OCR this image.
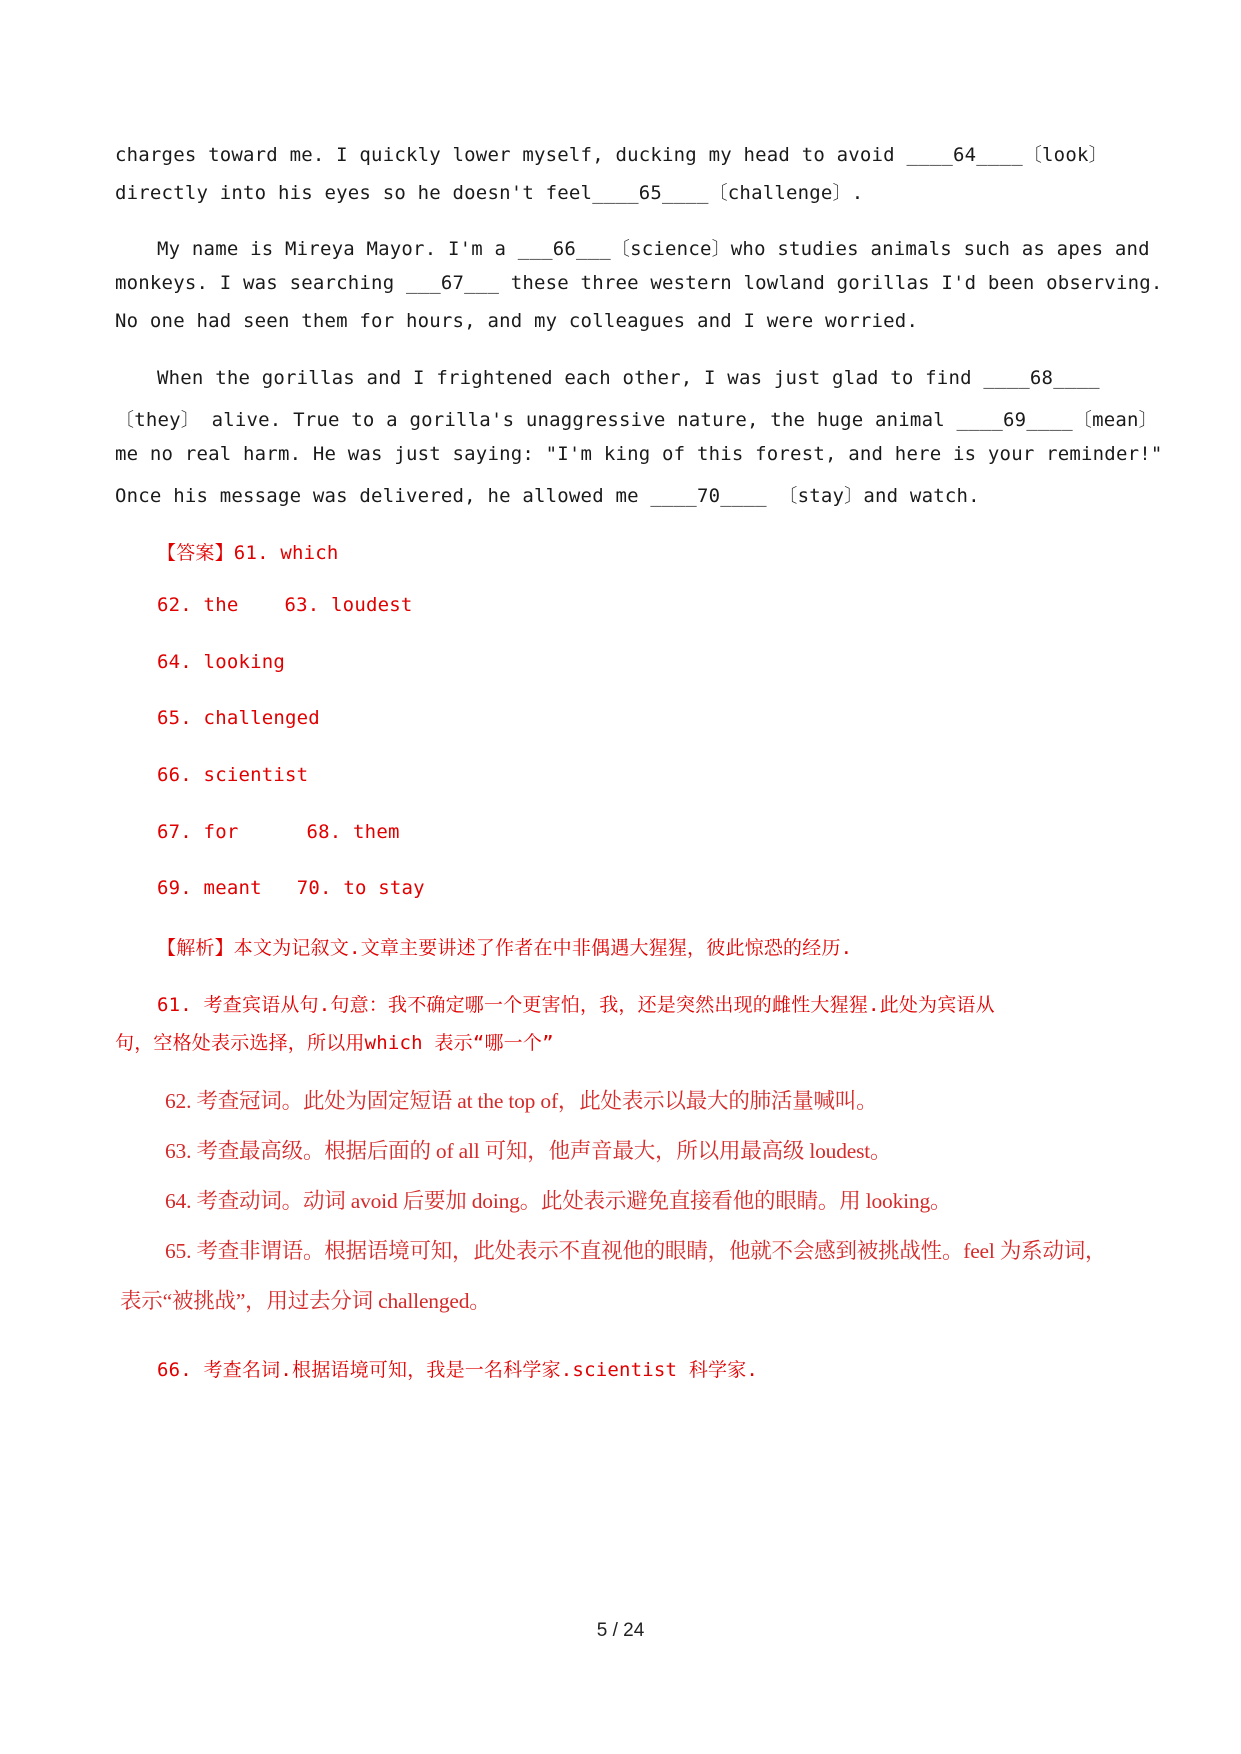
charges toward me. I quickly lower myself, ducking my head to avoid ____64____〔look〕
directly into his eyes so he doesn't feel____65____〔challenge〕.
My name is Mireya Mayor. I'm a ___66___〔science〕who studies animals such as apes and
monkeys. I was searching ___67___ these three western lowland gorillas I'd been observing.
No one had seen them for hours, and my colleagues and I were worried.
When the gorillas and I frightened each other, I was just glad to find ____68____
〔they〕 alive. True to a gorilla's unaggressive nature, the huge animal ____69____〔mean〕
me no real harm. He was just saying: "I'm king of this forest, and here is your reminder!"
Once his message was delivered, he allowed me ____70____ 〔stay〕and watch.
【答案】61. which
62. the 63. loudest
64. looking
65. challenged
66. scientist
67. for	68. them
69. meant 70. to stay
【解析】本文为记叙文.文章主要讲述了作者在中非偶遇大猩猩，彼此惊恐的经历.
61. 考查宾语从句.句意：我不确定哪一个更害怕，我，还是突然出现的雌性大猩猩.此处为宾语从
句，空格处表示选择，所以用which 表示“哪一个”
62. 考查冠词。此处为固定短语 at the top of，此处表示以最大的肺活量喊叫。
63. 考查最高级。根据后面的 of all 可知，他声音最大，所以用最高级 loudest。
64. 考查动词。动词 avoid 后要加 doing。此处表示避免直接看他的眼睛。用 looking。
65. 考查非谓语。根据语境可知，此处表示不直视他的眼睛，他就不会感到被挑战性。feel 为系动词，
表示“被挑战”，用过去分词 challenged。
66. 考查名词.根据语境可知，我是一名科学家.scientist 科学家.
5 / 24
